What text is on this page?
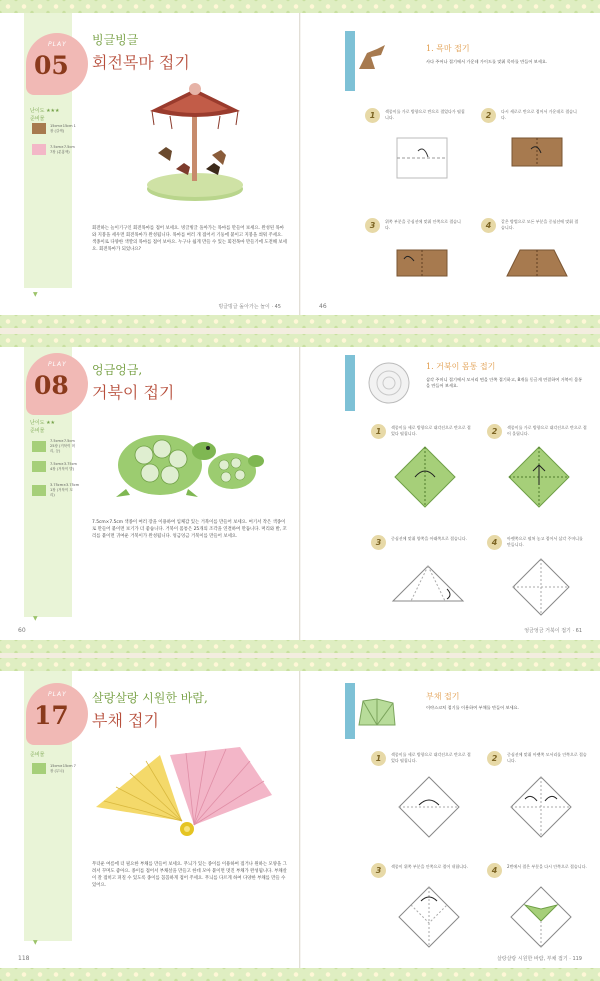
PLAY
05
난이도 ★★★
준비물
15cm×15cm 1장 (갈색)
7.5cm×7.5cm 7장 (분홍색)
▼
빙글빙글
회전목마 접기
회전하는 놀이기구인 회전목마를 접어 보세요. 빙글빙글 돌아가는 목마를 만들어 보세요. 완성된 목마와 지붕을 세우면 회전목마가 완성됩니다. 목마를 여러 개 접어서 기둥에 붙이고 지붕을 씌워 주세요. 색종이로 다양한 색깔의 목마를 접어 보아요. 누구나 쉽게 만들 수 있는 회전목마 만들기에 도전해 보세요. 회전목마가 되었나요?
빙글빙글 돌아가는 놀이 · 45
1. 목마 접기
사다 주어나 접기에서 가운데 가이드를 맞춰 목마를 만들어 보세요.
1	색종이를 가로 방향으로 반으로 접었다가 펼칩니다.	2	다시 세로로 반으로 접어서 가운데로 접습니다.
3	위쪽 부분을 중심선에 맞춰 안쪽으로 접습니다.	4	같은 방법으로 모든 부분을 중심선에 맞춰 접습니다.
46
PLAY
08
난이도 ★★
준비물
7.5cm×7.5cm 25장 (거북이 머리, 등)
7.5cm×3.75cm 4장 (거북이 발)
3.75cm×3.75cm 1장 (거북이 꼬리)
▼
엉금엉금,
거북이 접기
7.5cm×7.5cm 색종이 여러 장을 이용하여 입체감 있는 거북이를 만들어 보세요. 여기서 작은 색종이로 만들어 붙이면 보기가 더 좋습니다. 거북이 몸통은 25개의 조각을 연결하여 만듭니다. 머리와 발, 꼬리를 붙이면 귀여운 거북이가 완성됩니다. 엉금엉금 거북이를 만들어 보세요.
60
1. 거북이 몸통 접기
삼각 주머니 접기에서 모서리 면을 안쪽 접기하고, 8개를 동글게 연결하여 거북이 몸통을 만들어 보세요.
1	색종이를 세로 방향으로 대각선으로 반으로 접었다 펼칩니다.	2	색종이를 가로 방향으로 대각선으로 반으로 접어 올립니다.
3	중심선에 맞춰 양쪽을 아래쪽으로 접습니다.	4	아랫쪽으로 펼쳐 놓고 접어서 삼각 주머니를 만듭니다.
엉금엉금 거북이 접기 · 61
PLAY
17
준비물
15cm×15cm 7장 (무늬)
▼
살랑살랑 시원한 바람,
부채 접기
무더운 여름에 더 필요한 부채를 만들어 보세요. 무늬가 있는 종이를 이용하여 접거나 원하는 모양을 그려서 꾸며도 좋아요. 종이를 접어서 부채살을 만들고 한데 모아 붙이면 멋진 부채가 완성됩니다. 부채살이 잘 접히고 펴질 수 있도록 종이를 꼼꼼하게 접어 주세요. 무늬를 다르게 하여 다양한 부채를 만들 수 있어요.
118
부채 접기
이야스코처 접기를 이용하여 부채를 만들어 보세요.
1	색종이를 세로 방향으로 대각선으로 반으로 접었다 펼칩니다.	2	중심선에 맞춰 아랫쪽 모서리를 안쪽으로 접습니다.
3	색종이 위쪽 부분을 안쪽으로 접어 내립니다.	4	2번에서 접은 부분을 다시 안쪽으로 접습니다.
살랑살랑 시원한 바람, 부채 접기 · 119
